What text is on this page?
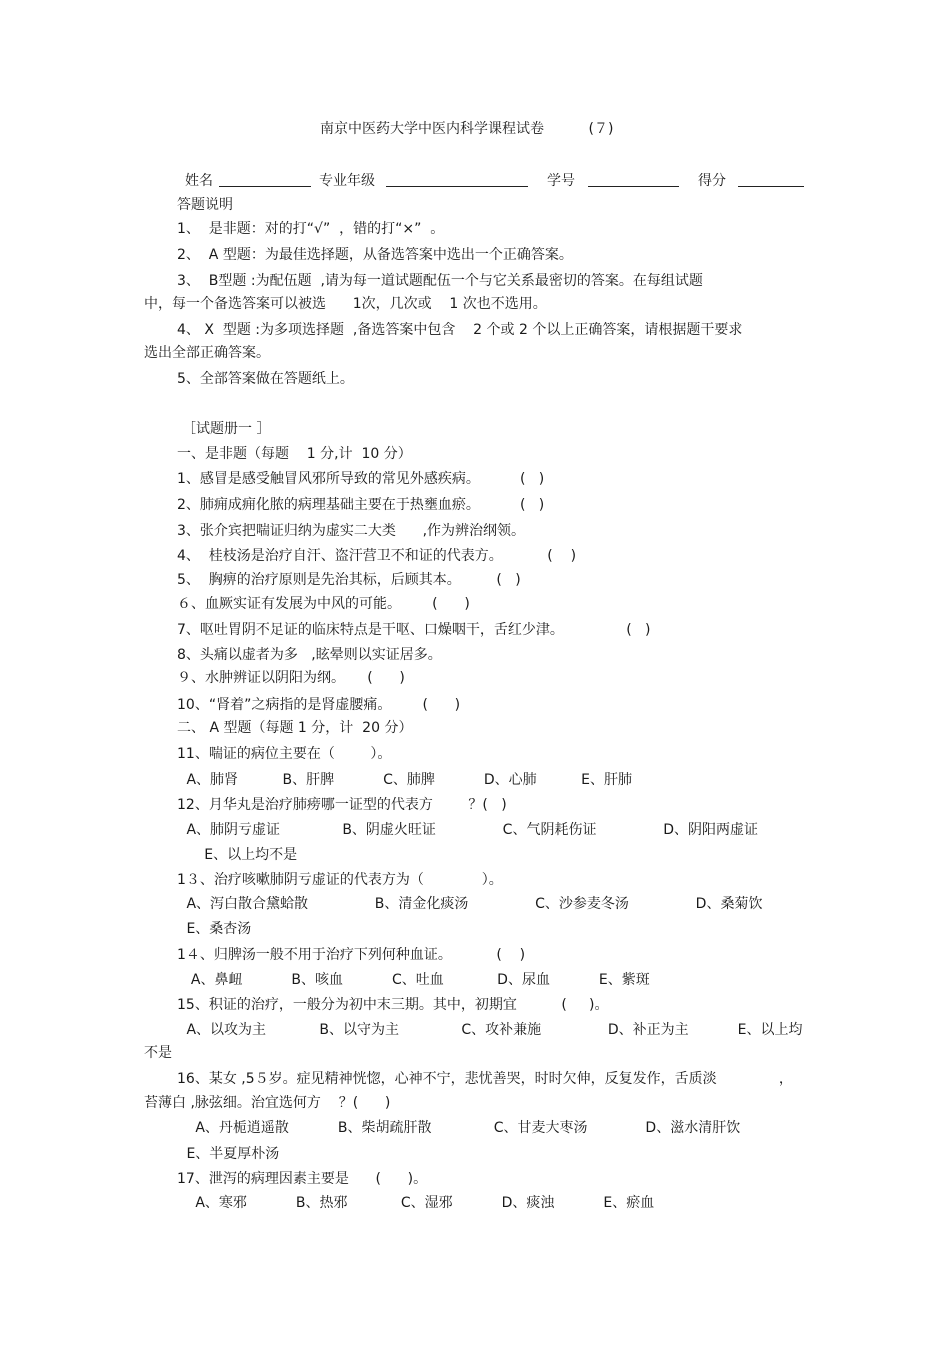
南京中医药大学中医内科学课程试卷          (７)
姓名	专业年级	学号	得分
答题说明
1、  是非题：对的打“√”  ，错的打“×”  。
2、  A 型题：为最佳选择题，从备选答案中选出一个正确答案。
3、  B型题 :为配伍题  ,请为每一道试题配伍一个与它关系最密切的答案。在每组试题
中，每一个备选答案可以被选      1次，几次或    1 次也不选用。
4、 X  型题 :为多项选择题  ,备选答案中包含    2 个或 2 个以上正确答案，请根据题干要求
选出全部正确答案。
5、全部答案做在答题纸上。
［试题册一 ］
一、是非题（每题    1 分,计  10 分）
1、感冒是感受触冒风邪所导致的常见外感疾病。         (   )
2、肺痈成痈化脓的病理基础主要在于热壅血瘀。         (   )
3、张介宾把喘证归纳为虚实二大类      ,作为辨治纲领。
4、  桂枝汤是治疗自汗、盗汗营卫不和证的代表方。          (    )
5、  胸痹的治疗原则是先治其标，后顾其本。        (   )
６、血厥实证有发展为中风的可能。       (      )
7、呕吐胃阴不足证的临床特点是干呕、口燥咽干，舌红少津。              (   )
8、头痛以虚者为多   ,眩晕则以实证居多。
９、水肿辨证以阴阳为纲。     (      )
10、“肾着”之病指的是肾虚腰痛。       (      )
二、 A 型题（每题 1 分，计  20 分）
11、喘证的病位主要在（        ）。
A、肺肾          B、肝脾           C、肺脾           D、心肺          E、肝肺
12、月华丸是治疗肺痨哪一证型的代表方        ？(   )
A、肺阴亏虚证              B、阴虚火旺证               C、气阴耗伤证               D、阴阳两虚证
E、以上均不是
1３、治疗咳嗽肺阴亏虚证的代表方为（             ）。
A、泻白散合黛蛤散               B、清金化痰汤               C、沙参麦冬汤               D、桑菊饮
E、桑杏汤
1４、归脾汤一般不用于治疗下列何种血证。          (    )
A、鼻衄           B、咳血           C、吐血            D、尿血           E、紫斑
15、积证的治疗，一般分为初中末三期。其中，初期宜          (     )。
A、以攻为主            B、以守为主              C、攻补兼施               D、补正为主           E、以上均
不是
16、某女 ,5５岁。症见精神恍惚，心神不宁，悲忧善哭，时时欠伸，反复发作，舌质淡              ，
苔薄白 ,脉弦细。治宜选何方    ？(      )
A、丹栀逍遥散           B、柴胡疏肝散              C、甘麦大枣汤             D、滋水清肝饮
E、半夏厚朴汤
17、泄泻的病理因素主要是      (      )。
A、寒邪           B、热邪            C、湿邪           D、痰浊           E、瘀血
